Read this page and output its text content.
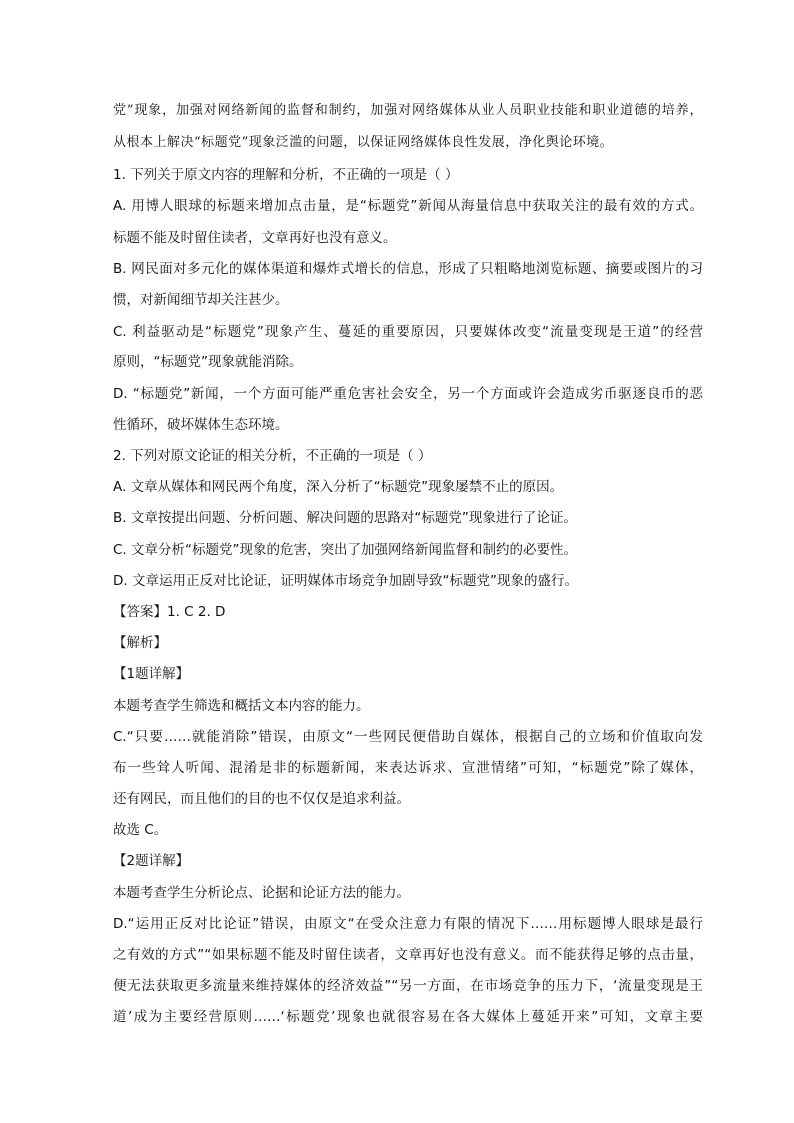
党”现象，加强对网络新闻的监督和制约，加强对网络媒体从业人员职业技能和职业道德的培养，
从根本上解决“标题党”现象泛滥的问题，以保证网络媒体良性发展，净化舆论环境。
1. 下列关于原文内容的理解和分析，不正确的一项是（ ）
A. 用博人眼球的标题来增加点击量，是“标题党”新闻从海量信息中获取关注的最有效的方式。
标题不能及时留住读者，文章再好也没有意义。
B. 网民面对多元化的媒体渠道和爆炸式增长的信息，形成了只粗略地浏览标题、摘要或图片的习
惯，对新闻细节却关注甚少。
C. 利益驱动是“标题党”现象产生、蔓延的重要原因，只要媒体改变“流量变现是王道”的经营
原则，“标题党”现象就能消除。
D. “标题党”新闻，一个方面可能严重危害社会安全，另一个方面或许会造成劣币驱逐良币的恶
性循环，破坏媒体生态环境。
2. 下列对原文论证的相关分析，不正确的一项是（ ）
A. 文章从媒体和网民两个角度，深入分析了“标题党”现象屡禁不止的原因。
B. 文章按提出问题、分析问题、解决问题的思路对“标题党”现象进行了论证。
C. 文章分析“标题党”现象的危害，突出了加强网络新闻监督和制约的必要性。
D. 文章运用正反对比论证，证明媒体市场竞争加剧导致“标题党”现象的盛行。
【答案】1. C 2. D
【解析】
【1题详解】
本题考查学生筛选和概括文本内容的能力。
C.“只要……就能消除”错误，由原文“一些网民便借助自媒体，根据自己的立场和价值取向发
布一些耸人听闻、混淆是非的标题新闻，来表达诉求、宣泄情绪”可知，“标题党”除了媒体，
还有网民，而且他们的目的也不仅仅是追求利益。
故选 C。
【2题详解】
本题考查学生分析论点、论据和论证方法的能力。
D.“运用正反对比论证”错误，由原文“在受众注意力有限的情况下……用标题博人眼球是最行
之有效的方式”“如果标题不能及时留住读者，文章再好也没有意义。而不能获得足够的点击量，
便无法获取更多流量来维持媒体的经济效益”“另一方面，在市场竞争的压力下，‘流量变现是王
道’成为主要经营原则……‘标题党’现象也就很容易在各大媒体上蔓延开来”可知，文章主要
